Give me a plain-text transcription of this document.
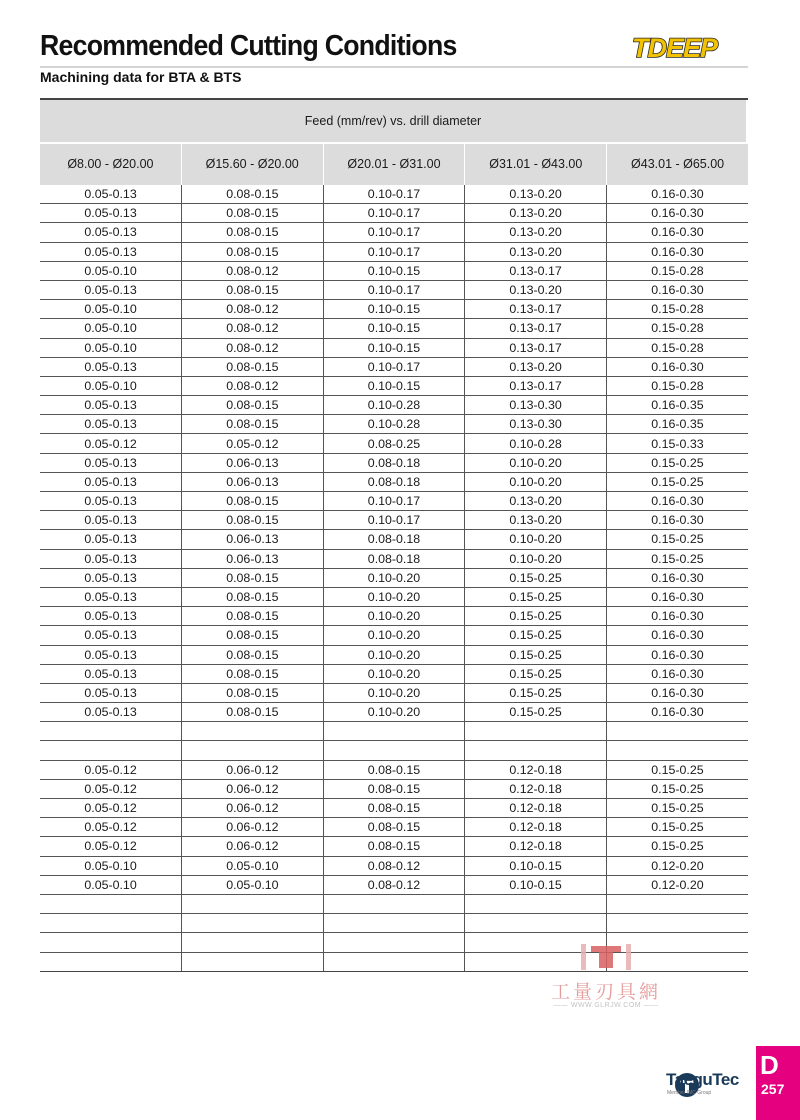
Recommended Cutting Conditions
Machining data for BTA & BTS
TDEEP
Feed (mm/rev) vs. drill diameter
Ø8.00 - Ø20.00	Ø15.60 - Ø20.00	Ø20.01 - Ø31.00	Ø31.01 - Ø43.00	Ø43.01 - Ø65.00
0.05-0.13	0.08-0.15	0.10-0.17	0.13-0.20	0.16-0.30
0.05-0.13	0.08-0.15	0.10-0.17	0.13-0.20	0.16-0.30
0.05-0.13	0.08-0.15	0.10-0.17	0.13-0.20	0.16-0.30
0.05-0.13	0.08-0.15	0.10-0.17	0.13-0.20	0.16-0.30
0.05-0.10	0.08-0.12	0.10-0.15	0.13-0.17	0.15-0.28
0.05-0.13	0.08-0.15	0.10-0.17	0.13-0.20	0.16-0.30
0.05-0.10	0.08-0.12	0.10-0.15	0.13-0.17	0.15-0.28
0.05-0.10	0.08-0.12	0.10-0.15	0.13-0.17	0.15-0.28
0.05-0.10	0.08-0.12	0.10-0.15	0.13-0.17	0.15-0.28
0.05-0.13	0.08-0.15	0.10-0.17	0.13-0.20	0.16-0.30
0.05-0.10	0.08-0.12	0.10-0.15	0.13-0.17	0.15-0.28
0.05-0.13	0.08-0.15	0.10-0.28	0.13-0.30	0.16-0.35
0.05-0.13	0.08-0.15	0.10-0.28	0.13-0.30	0.16-0.35
0.05-0.12	0.05-0.12	0.08-0.25	0.10-0.28	0.15-0.33
0.05-0.13	0.06-0.13	0.08-0.18	0.10-0.20	0.15-0.25
0.05-0.13	0.06-0.13	0.08-0.18	0.10-0.20	0.15-0.25
0.05-0.13	0.08-0.15	0.10-0.17	0.13-0.20	0.16-0.30
0.05-0.13	0.08-0.15	0.10-0.17	0.13-0.20	0.16-0.30
0.05-0.13	0.06-0.13	0.08-0.18	0.10-0.20	0.15-0.25
0.05-0.13	0.06-0.13	0.08-0.18	0.10-0.20	0.15-0.25
0.05-0.13	0.08-0.15	0.10-0.20	0.15-0.25	0.16-0.30
0.05-0.13	0.08-0.15	0.10-0.20	0.15-0.25	0.16-0.30
0.05-0.13	0.08-0.15	0.10-0.20	0.15-0.25	0.16-0.30
0.05-0.13	0.08-0.15	0.10-0.20	0.15-0.25	0.16-0.30
0.05-0.13	0.08-0.15	0.10-0.20	0.15-0.25	0.16-0.30
0.05-0.13	0.08-0.15	0.10-0.20	0.15-0.25	0.16-0.30
0.05-0.13	0.08-0.15	0.10-0.20	0.15-0.25	0.16-0.30
0.05-0.13	0.08-0.15	0.10-0.20	0.15-0.25	0.16-0.30

0.05-0.12	0.06-0.12	0.08-0.15	0.12-0.18	0.15-0.25
0.05-0.12	0.06-0.12	0.08-0.15	0.12-0.18	0.15-0.25
0.05-0.12	0.06-0.12	0.08-0.15	0.12-0.18	0.15-0.25
0.05-0.12	0.06-0.12	0.08-0.15	0.12-0.18	0.15-0.25
0.05-0.12	0.06-0.12	0.08-0.15	0.12-0.18	0.15-0.25
0.05-0.10	0.05-0.10	0.08-0.12	0.10-0.15	0.12-0.20
0.05-0.10	0.05-0.10	0.08-0.12	0.10-0.15	0.12-0.20

工量刃具網
—— WWW.GLRJW.COM ——
TaeguTec
Member IMC Group
D
257
